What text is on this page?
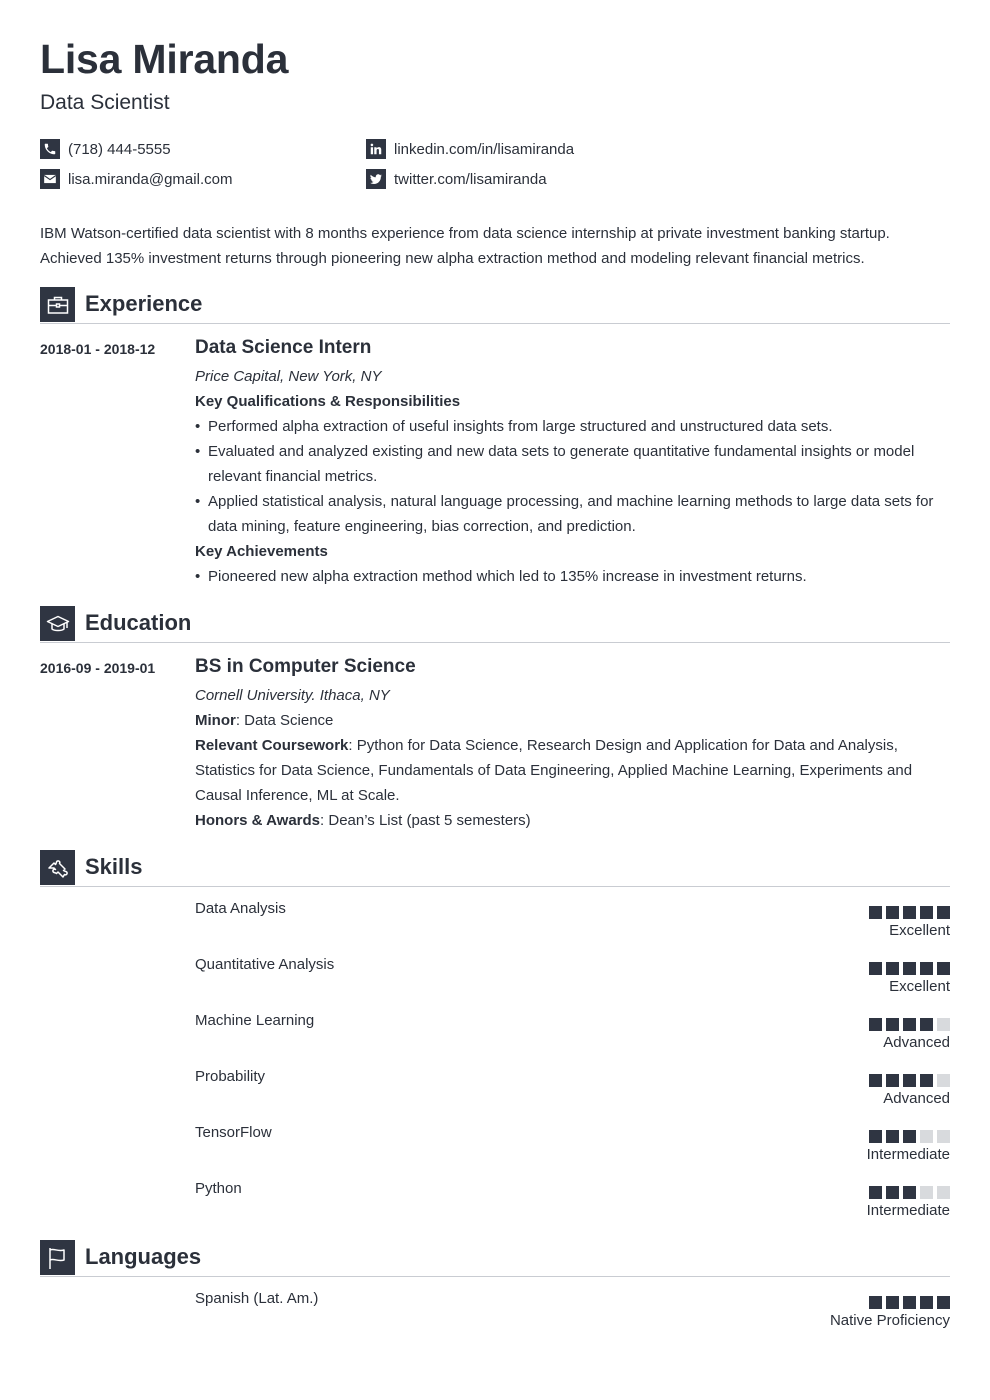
Lisa Miranda
Data Scientist
(718) 444-5555
lisa.miranda@gmail.com
linkedin.com/in/lisamiranda
twitter.com/lisamiranda

IBM Watson-certified data scientist with 8 months experience from data science internship at private investment banking startup. Achieved 135% investment returns through pioneering new alpha extraction method and modeling relevant financial metrics.

Experience
2018-01 - 2018-12 Data Science Intern
Price Capital, New York, NY
Key Qualifications & Responsibilities
• Performed alpha extraction of useful insights from large structured and unstructured data sets.
• Evaluated and analyzed existing and new data sets to generate quantitative fundamental insights or model relevant financial metrics.
• Applied statistical analysis, natural language processing, and machine learning methods to large data sets for data mining, feature engineering, bias correction, and prediction.
Key Achievements
• Pioneered new alpha extraction method which led to 135% increase in investment returns.
Education
2016-09 - 2019-01 BS in Computer Science
Cornell University. Ithaca, NY
Minor: Data Science
Relevant Coursework: Python for Data Science, Research Design and Application for Data and Analysis, Statistics for Data Science, Fundamentals of Data Engineering, Applied Machine Learning, Experiments and Causal Inference, ML at Scale.
Honors & Awards: Dean’s List (past 5 semesters)
Skills
Data Analysis
Excellent
Quantitative Analysis
Excellent
Machine Learning
Advanced
Probability
Advanced
TensorFlow
Intermediate
Python
Intermediate
Languages
Spanish (Lat. Am.)
Native Proficiency
